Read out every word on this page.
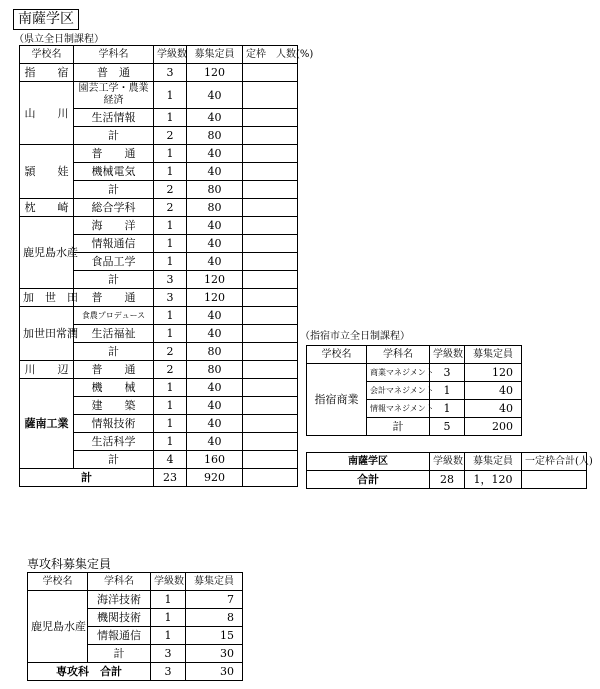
南薩学区
（県立全日制課程）
学校名	学科名	学級数	募集定員	定枠　人数(%)
指　　宿	普　通	3	120	
山　　川	園芸工学・農業経済	1	40	
	生活情報	1	40	
	計	2	80	
頴　　娃	普　　通	1	40	
	機械電気	1	40	
	計	2	80	
枕　　崎	総合学科	2	80	
鹿児島水産	海　　洋	1	40	
	情報通信	1	40	
	食品工学	1	40	
	計	3	120	
加　世　田	普　　通	3	120	
加世田常潤	食農プロデュース	1	40	
	生活福祉	1	40	
	計	2	80	
川　　辺	普　　通	2	80	
薩南工業	機　　械	1	40	
	建　　築	1	40	
	情報技術	1	40	
	生活科学	1	40	
	計	4	160	
計		23	920	
（指宿市立全日制課程）
学校名	学科名	学級数	募集定員
指宿商業	商業マネジメント	3	120
	会計マネジメント	1	40
	情報マネジメント	1	40
	計	5	200
南薩学区	学級数	募集定員	一定枠合計(人)
合計	28	1，120	
専攻科募集定員
学校名	学科名	学級数	募集定員
鹿児島水産	海洋技術	1	7
	機関技術	1	8
	情報通信	1	15
	計	3	30
専攻科　合計		3	30
